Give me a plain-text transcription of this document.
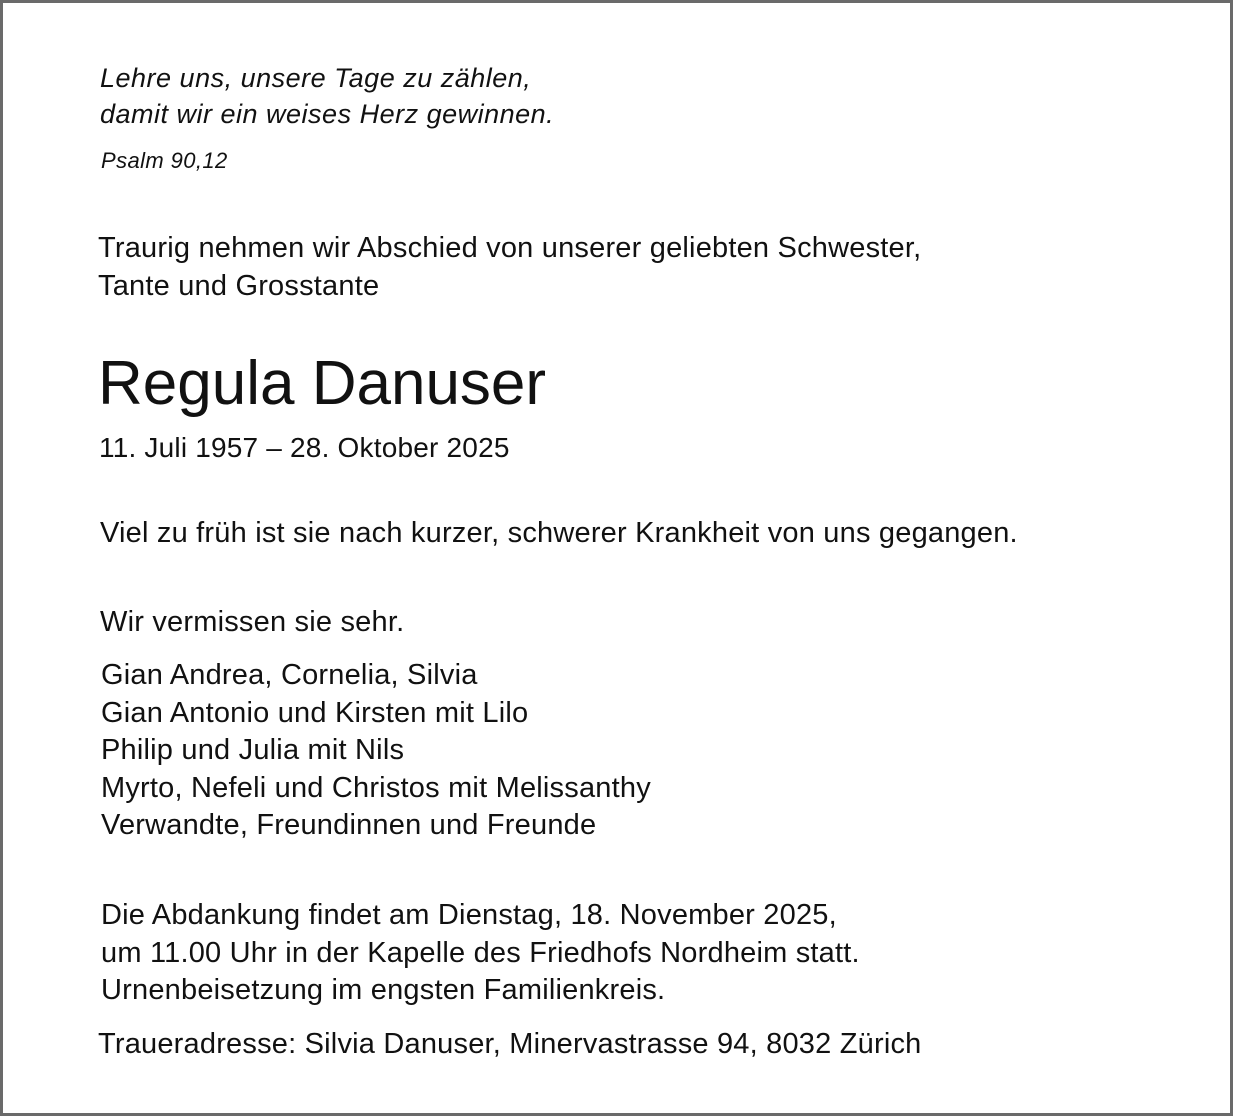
Lehre uns, unsere Tage zu zählen,
damit wir ein weises Herz gewinnen.
Psalm 90,12
Traurig nehmen wir Abschied von unserer geliebten Schwester,
Tante und Grosstante
Regula Danuser
11. Juli 1957 – 28. Oktober 2025
Viel zu früh ist sie nach kurzer, schwerer Krankheit von uns gegangen.
Wir vermissen sie sehr.
Gian Andrea, Cornelia, Silvia
Gian Antonio und Kirsten mit Lilo
Philip und Julia mit Nils
Myrto, Nefeli und Christos mit Melissanthy
Verwandte, Freundinnen und Freunde
Die Abdankung findet am Dienstag, 18. November 2025,
um 11.00 Uhr in der Kapelle des Friedhofs Nordheim statt.
Urnenbeisetzung im engsten Familienkreis.
Traueradresse: Silvia Danuser, Minervastrasse 94, 8032 Zürich
